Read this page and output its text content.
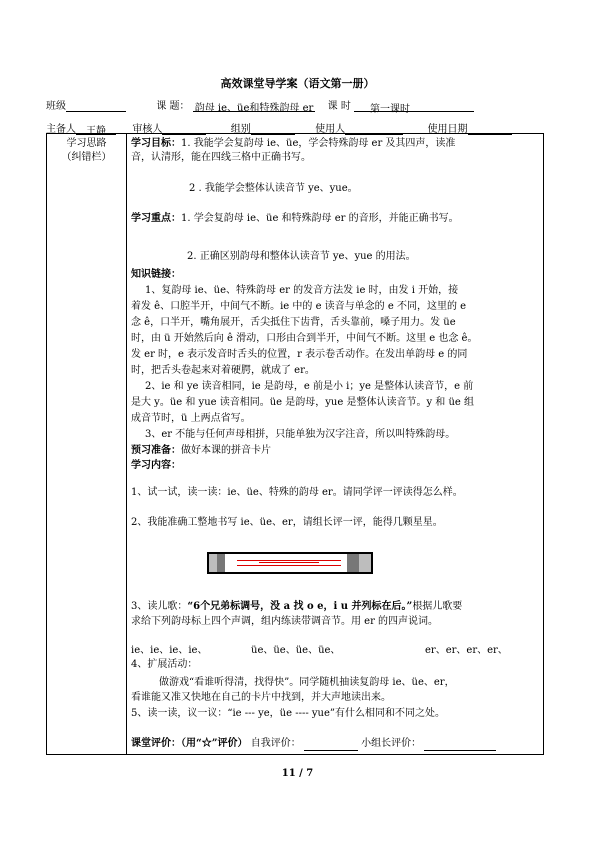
高效课堂导学案（语文第一册）
班级	课 题： 韵母 ie、üe和特殊韵母 er 课 时 第一课时
主备人 王静	审核人	组别	使用人	使用日期
学习思路
（纠错栏）
学习目标：1. 我能学会复韵母 ie、üe，学会特殊韵母 er 及其四声，读准
音，认清形，能在四线三格中正确书写。
2 . 我能学会整体认读音节 ye、yue。
学习重点：1. 学会复韵母 ie、üe 和特殊韵母 er 的音形，并能正确书写。
2. 正确区别韵母和整体认读音节 ye、yue 的用法。
知识链接：
1、复韵母 ie、üe、特殊韵母 er 的发音方法发 ie 时，由发 i 开始，接
着发 ê、口腔半开，中间气不断。ie 中的 e 读音与单念的 e 不同，这里的 e
念 ê，口半开，嘴角展开，舌尖抵住下齿背，舌头靠前，嗓子用力。发 üe
时，由 ü 开始然后向 ê 滑动，口形由合到半开，中间气不断。这里 e 也念 ê。
发 er 时，e 表示发音时舌头的位置，r 表示卷舌动作。在发出单韵母 e 的同
时，把舌头卷起来对着硬腭，就成了 er。
2、ie 和 ye 读音相同，ie 是韵母，e 前是小 i；ye 是整体认读音节，e 前
是大 y。üe 和 yue 读音相同。üe 是韵母，yue 是整体认读音节。y 和 üe 组
成音节时，ü 上两点省写。
3、er 不能与任何声母相拼，只能单独为汉字注音，所以叫特殊韵母。
预习准备：做好本课的拼音卡片
学习内容：
1、试一试，读一读：ie、üe、特殊的韵母 er。请同学评一评读得怎么样。
2、我能准确工整地书写 ie、üe、er，请组长评一评，能得几颗星星。
3、读儿歌：“6个兄弟标调号，没 a 找 o e，i u 并列标在后。”根据儿歌要
求给下列韵母标上四个声调，组内练读带调音节。用 er 的四声说词。
ie、ie、ie、ie、	üe、üe、üe、üe、	er、er、er、er、
4、扩展活动：
做游戏“看谁听得清，找得快”。同学随机抽读复韵母 ie、üe、er，
看谁能又准又快地在自己的卡片中找到，并大声地读出来。
5、读一读，议一议：“ie --- ye，üe ---- yue”有什么相同和不同之处。
课堂评价：（用“☆”评价） 自我评价：	小组长评价：
11 / 7
